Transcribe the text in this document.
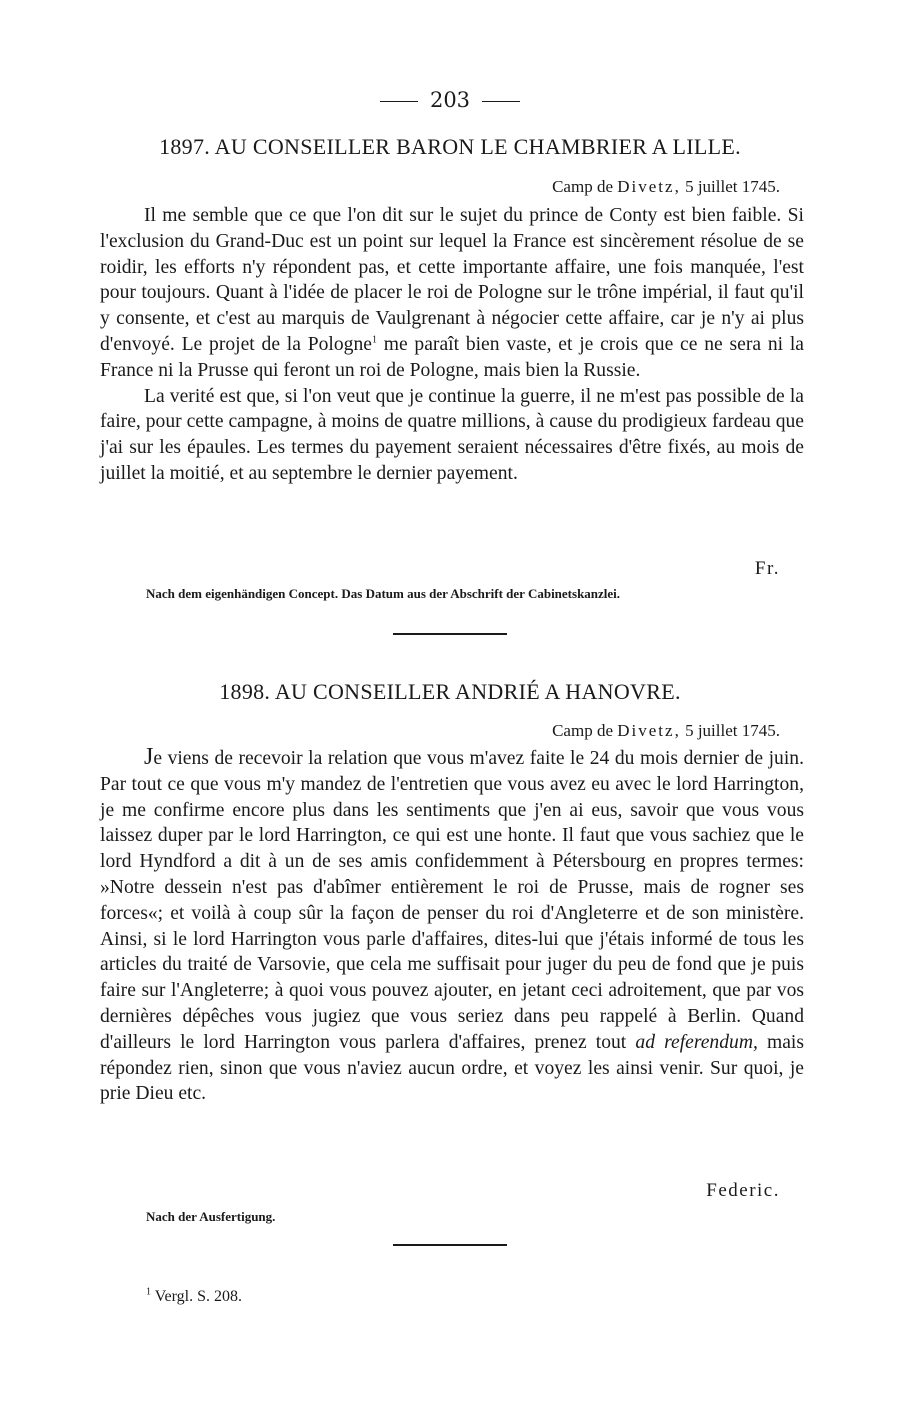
203
1897. AU CONSEILLER BARON LE CHAMBRIER A LILLE.
Camp de Divetz, 5 juillet 1745.

Il me semble que ce que l'on dit sur le sujet du prince de Conty est bien faible. Si l'exclusion du Grand-Duc est un point sur lequel la France est sincèrement résolue de se roidir, les efforts n'y répondent pas, et cette importante affaire, une fois manquée, l'est pour toujours. Quant à l'idée de placer le roi de Pologne sur le trône impérial, il faut qu'il y consente, et c'est au marquis de Vaulgrenant à négocier cette affaire, car je n'y ai plus d'envoyé. Le projet de la Pologne$^1$ me paraît bien vaste, et je crois que ce ne sera ni la France ni la Prusse qui feront un roi de Pologne, mais bien la Russie.

La verité est que, si l'on veut que je continue la guerre, il ne m'est pas possible de la faire, pour cette campagne, à moins de quatre millions, à cause du prodigieux fardeau que j'ai sur les épaules. Les termes du payement seraient nécessaires d'être fixés, au mois de juillet la moitié, et au septembre le dernier payement.

Fr.
Nach dem eigenhändigen Concept. Das Datum aus der Abschrift der Cabinetskanzlei.
1898. AU CONSEILLER ANDRIÉ A HANOVRE.
Camp de Divetz, 5 juillet 1745.

Je viens de recevoir la relation que vous m'avez faite le 24 du mois dernier de juin. Par tout ce que vous m'y mandez de l'entretien que vous avez eu avec le lord Harrington, je me confirme encore plus dans les sentiments que j'en ai eus, savoir que vous vous laissez duper par le lord Harrington, ce qui est une honte. Il faut que vous sachiez que le lord Hyndford a dit à un de ses amis confidemment à Pétersbourg en propres termes: »Notre dessein n'est pas d'abîmer entièrement le roi de Prusse, mais de rogner ses forces«; et voilà à coup sûr la façon de penser du roi d'Angleterre et de son ministère. Ainsi, si le lord Harrington vous parle d'affaires, dites-lui que j'étais informé de tous les articles du traité de Varsovie, que cela me suffisait pour juger du peu de fond que je puis faire sur l'Angleterre; à quoi vous pouvez ajouter, en jetant ceci adroitement, que par vos dernières dépêches vous jugiez que vous seriez dans peu rappelé à Berlin. Quand d'ailleurs le lord Harrington vous parlera d'affaires, prenez tout ad referendum, mais répondez rien, sinon que vous n'aviez aucun ordre, et voyez les ainsi venir. Sur quoi, je prie Dieu etc.

Federic.
Nach der Ausfertigung.
$^1$ Vergl. S. 208.
